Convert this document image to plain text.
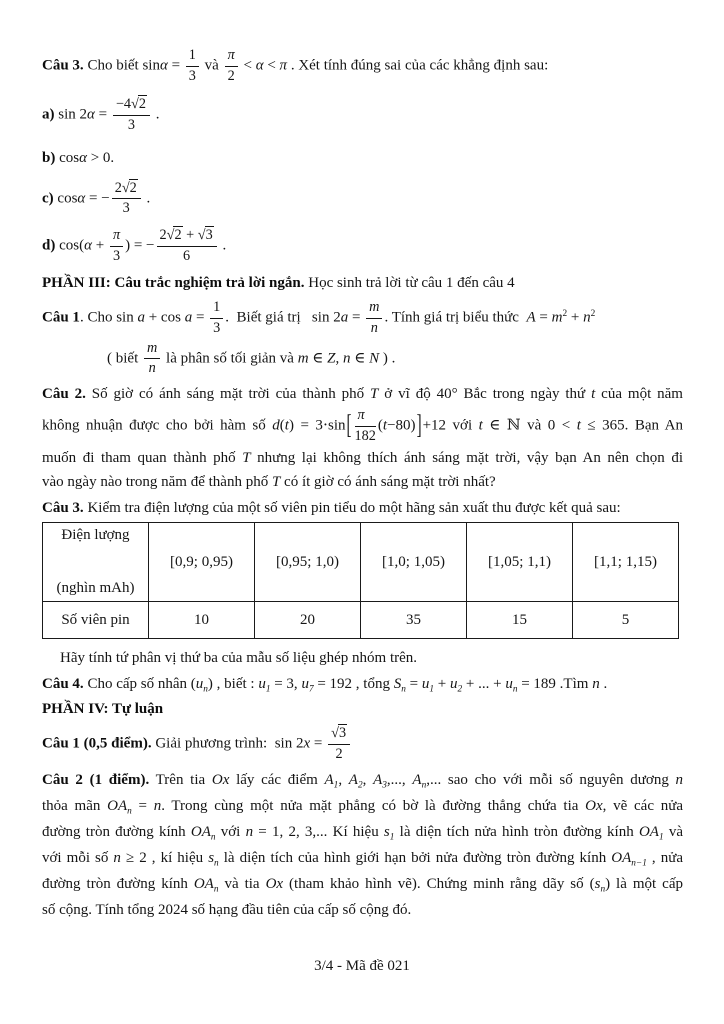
Câu 3. Cho biết $\sin\alpha = \frac{1}{3}$ và $\frac{\pi}{2} < \alpha < \pi$ . Xét tính đúng sai của các khẳng định sau:
a) $\sin 2\alpha = \frac{-4√2}{3}$ .
b) cosα > 0.
c) cosα = − $\frac{2√2}{3}$ .
d) $\cos(\alpha + \frac{\pi}{3}$ ) = − $\frac{2√2 + √3}{6}$ .
PHẦN III: Câu trắc nghiệm trả lời ngắn. Học sinh trả lời từ câu 1 đến câu 4
Câu 1. Cho $\sin a + \cos a = \frac{1}{3}$ .  Biết giá trị   $\sin 2a = \frac{m}{n}$ . Tính giá trị biểu thức  $A = m^2 + n^2$
( biết $\frac{m}{n}$ là phân số tối giản và m ∈ Z, n ∈ N ) .
Câu 2. Số giờ có ánh sáng mặt trời của thành phố T ở vĩ độ 40° Bắc trong ngày thứ t của một năm
không nhuận được cho bởi hàm số $d(t) = 3\cdot\sin[ \frac{\pi}{182} (t-80)]+12$ với t ∈ ℕ và 0 < t ≤ 365. Bạn An
muốn đi tham quan thành phố T nhưng lại không thích ánh sáng mặt trời, vậy bạn An nên chọn đi
vào ngày nào trong năm để thành phố T có ít giờ có ánh sáng mặt trời nhất?
Câu 3. Kiểm tra điện lượng của một số viên pin tiểu do một hãng sản xuất thu được kết quả sau:
Điện lượng
(nghìn mAh)	[0,9; 0,95)	[0,95; 1,0)	[1,0; 1,05)	[1,05; 1,1)	[1,1; 1,15)
Số viên pin	10	20	35	15	5
Hãy tính tứ phân vị thứ ba của mẫu số liệu ghép nhóm trên.
Câu 4. Cho cấp số nhân $(u_n)$ , biết : $u_1 = 3$, $u_7 = 192$ , tổng $S_n = u_1 + u_2$ + ... + $u_n = 189$ .Tìm n .
PHẦN IV: Tự luận
Câu 1 (0,5 điểm). Giải phương trình:  $\sin 2x = \frac{√3}{2}$
Câu 2 (1 điểm). Trên tia Ox lấy các điểm $A_1$, $A_2$, $A_3$,..., $A_n$,... sao cho với mỗi số nguyên dương n
thỏa mãn $OA_n = n$. Trong cùng một nửa mặt phẳng có bờ là đường thẳng chứa tia Ox, vẽ các nửa
đường tròn đường kính $OA_n$ với n = 1, 2, 3,... Kí hiệu $s_1$ là diện tích nửa hình tròn đường kính $OA_1$ và
với mỗi số n ≥ 2 , kí hiệu $s_n$ là diện tích của hình giới hạn bởi nửa đường tròn đường kính $OA_{n-1}$ , nửa
đường tròn đường kính $OA_n$ và tia Ox (tham khảo hình vẽ). Chứng minh rằng dãy số $(s_n)$ là một cấp
số cộng. Tính tổng 2024 số hạng đầu tiên của cấp số cộng đó.
3/4 - Mã đề 021
